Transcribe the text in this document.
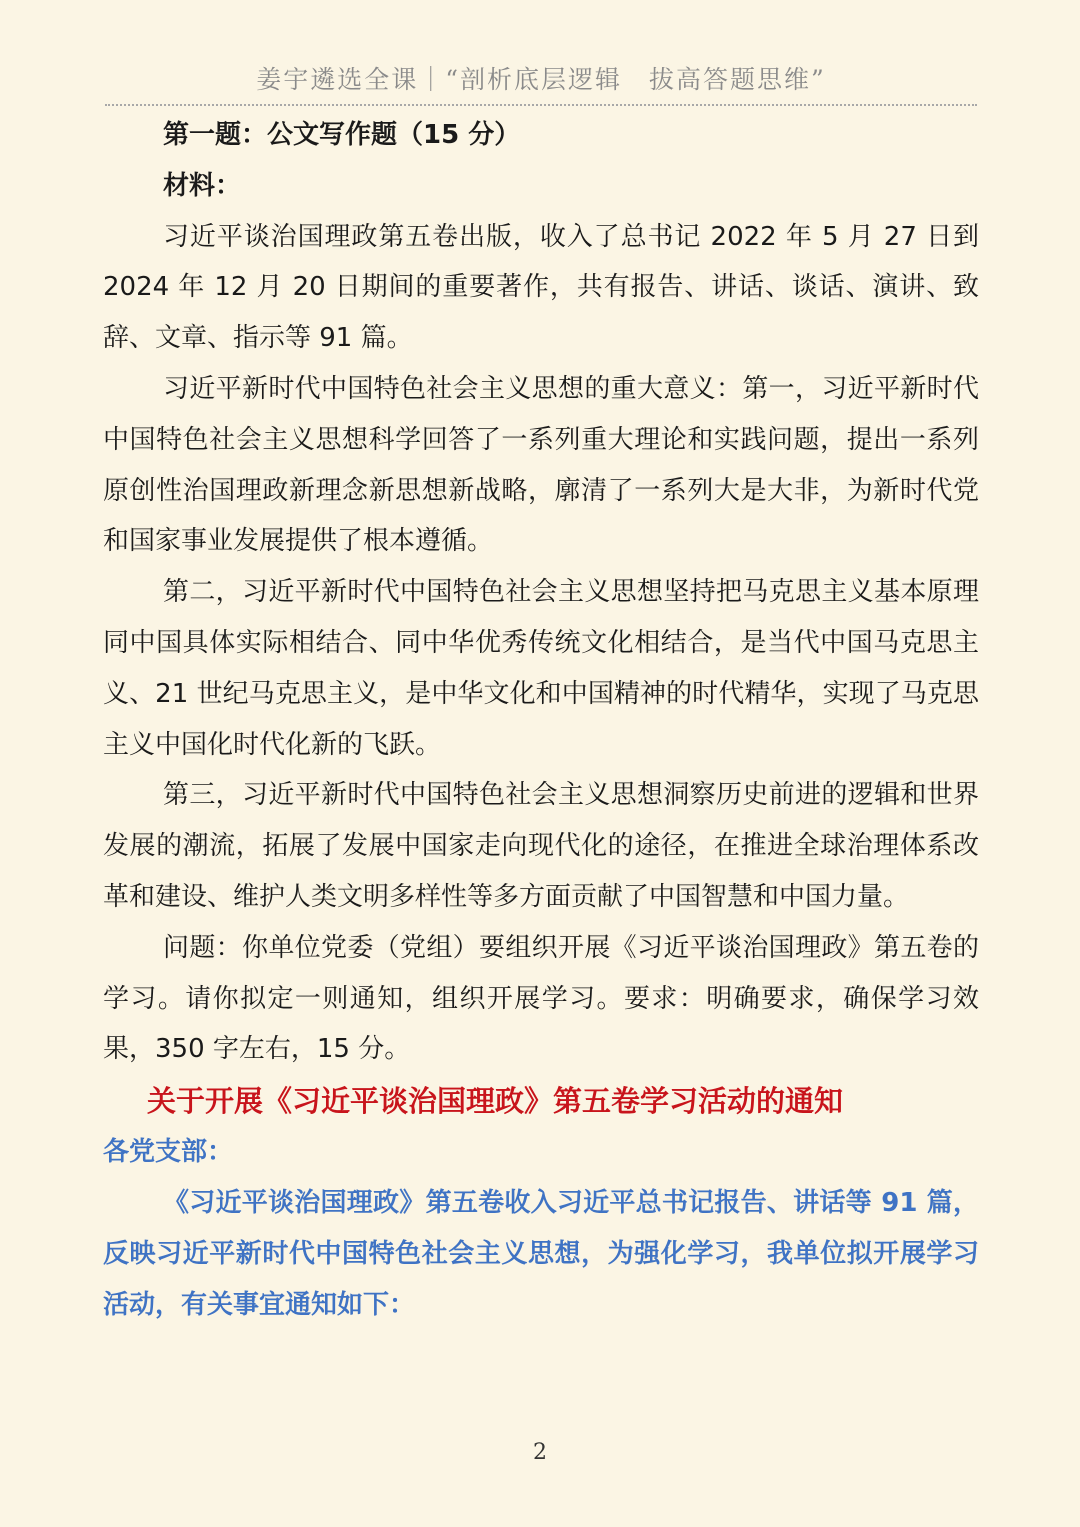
姜宇遴选全课｜“剖析底层逻辑　拔高答题思维”

第一题：公文写作题（15 分）

材料：

习近平谈治国理政第五卷出版，收入了总书记 2022 年 5 月 27 日到 2024 年 12 月 20 日期间的重要著作，共有报告、讲话、谈话、演讲、致辞、文章、指示等 91 篇。

习近平新时代中国特色社会主义思想的重大意义：第一，习近平新时代中国特色社会主义思想科学回答了一系列重大理论和实践问题，提出一系列原创性治国理政新理念新思想新战略，廓清了一系列大是大非，为新时代党和国家事业发展提供了根本遵循。

第二，习近平新时代中国特色社会主义思想坚持把马克思主义基本原理同中国具体实际相结合、同中华优秀传统文化相结合，是当代中国马克思主义、21 世纪马克思主义，是中华文化和中国精神的时代精华，实现了马克思主义中国化时代化新的飞跃。

第三，习近平新时代中国特色社会主义思想洞察历史前进的逻辑和世界发展的潮流，拓展了发展中国家走向现代化的途径，在推进全球治理体系改革和建设、维护人类文明多样性等多方面贡献了中国智慧和中国力量。

问题：你单位党委（党组）要组织开展《习近平谈治国理政》第五卷的学习。请你拟定一则通知，组织开展学习。要求：明确要求，确保学习效果，350 字左右，15 分。

关于开展《习近平谈治国理政》第五卷学习活动的通知

各党支部：

《习近平谈治国理政》第五卷收入习近平总书记报告、讲话等 91 篇，反映习近平新时代中国特色社会主义思想，为强化学习，我单位拟开展学习活动，有关事宜通知如下：

2
